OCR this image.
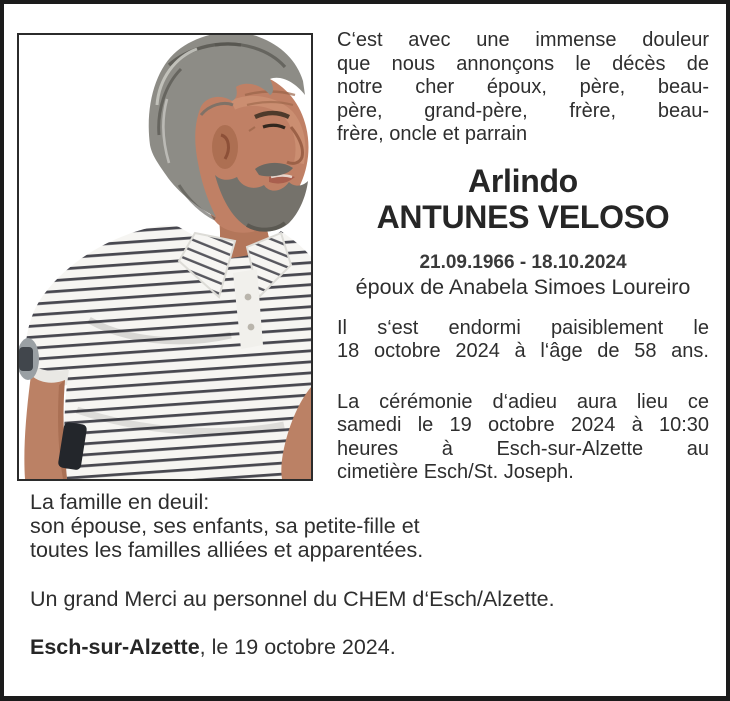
C‘est avec une immense douleur
que nous annonçons le décès de
notre cher époux, père, beau-
père, grand-père, frère, beau-
frère, oncle et parrain
Arlindo
ANTUNES VELOSO
21.09.1966 - 18.10.2024
époux de Anabela Simoes Loureiro
Il s‘est endormi paisiblement le
18 octobre 2024 à l‘âge de 58 ans.
La cérémonie d‘adieu aura lieu ce
samedi le 19 octobre 2024 à 10:30
heures à Esch-sur-Alzette au
cimetière Esch/St. Joseph.
La famille en deuil:
son épouse, ses enfants, sa petite-fille et
toutes les familles alliées et apparentées.
Un grand Merci au personnel du CHEM d‘Esch/Alzette.
Esch-sur-Alzette, le 19 octobre 2024.
